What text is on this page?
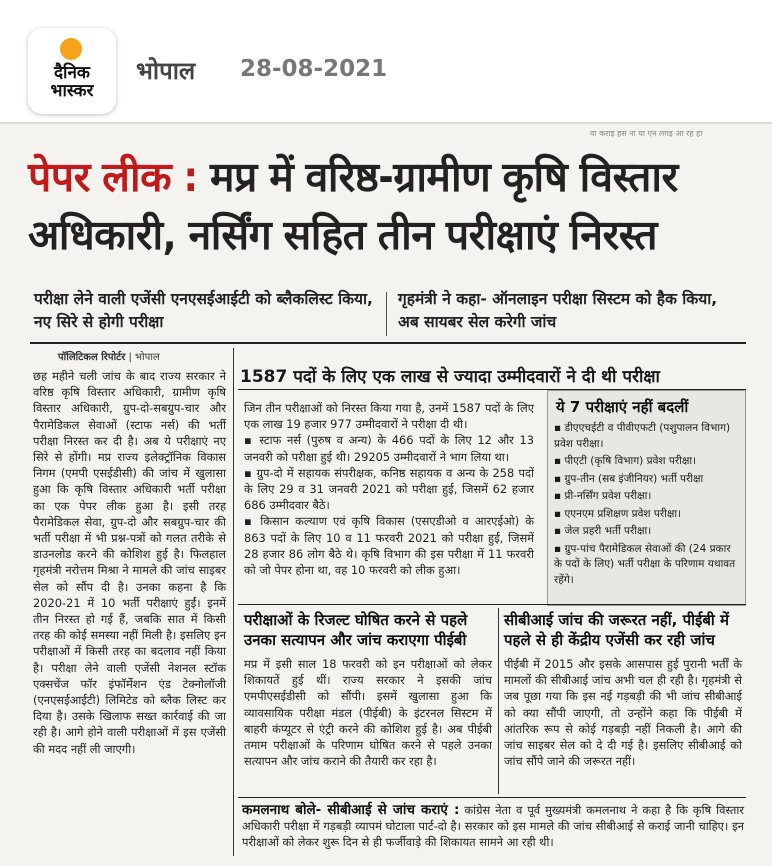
दैनिक
भास्कर
भोपाल 28-08-2021
वा कराइ हस ना या एन लगइ आ रह हा
पेपर लीक : मप्र में वरिष्ठ-ग्रामीण कृषि विस्तार अधिकारी, नर्सिंग सहित तीन परीक्षाएं निरस्त
परीक्षा लेने वाली एजेंसी एनएसईआईटी को ब्लैकलिस्ट किया, नए सिरे से होगी परीक्षा
गृहमंत्री ने कहा- ऑनलाइन परीक्षा सिस्टम को हैक किया, अब सायबर सेल करेगी जांच
पॉलिटिकल रिपोर्टर | भोपाल
छह महीने चली जांच के बाद राज्य सरकार ने वरिष्ठ कृषि विस्तार अधिकारी, ग्रामीण कृषि विस्तार अधिकारी, ग्रुप-दो-सबग्रुप-चार और पैरामेडिकल सेवाओं (स्टाफ नर्स) की भर्ती परीक्षा निरस्त कर दी है। अब ये परीक्षाएं नए सिरे से होंगी। मप्र राज्य इलेक्ट्रॉनिक विकास निगम (एमपी एसईडीसी) की जांच में खुलासा हुआ कि कृषि विस्तार अधिकारी भर्ती परीक्षा का एक पेपर लीक हुआ है। इसी तरह पैरामेडिकल सेवा, ग्रुप-दो और सबग्रुप-चार की भर्ती परीक्षा में भी प्रश्न-पत्रों को गलत तरीके से डाउनलोड करने की कोशिश हुई है। फिलहाल गृहमंत्री नरोत्तम मिश्रा ने मामले की जांच साइबर सेल को सौंप दी है। उनका कहना है कि 2020-21 में 10 भर्ती परीक्षाएं हुईं। इनमें तीन निरस्त हो गई हैं, जबकि सात में किसी तरह की कोई समस्या नहीं मिली है। इसलिए इन परीक्षाओं में किसी तरह का बदलाव नहीं किया है। परीक्षा लेने वाली एजेंसी नेशनल स्टॉक एक्सचेंज फॉर इंफॉर्मेशन एंड टेक्नोलॉजी (एनएसईआईटी) लिमिटेड को ब्लैक लिस्ट कर दिया है। उसके खिलाफ सख्त कार्रवाई की जा रही है। आगे होने वाली परीक्षाओं में इस एजेंसी की मदद नहीं ली जाएगी।
1587 पदों के लिए एक लाख से ज्यादा उम्मीदवारों ने दी थी परीक्षा
जिन तीन परीक्षाओं को निरस्त किया गया है, उनमें 1587 पदों के लिए एक लाख 19 हजार 977 उम्मीदवारों ने परीक्षा दी थी।
▪ स्टाफ नर्स (पुरुष व अन्य) के 466 पदों के लिए 12 और 13 जनवरी को परीक्षा हुई थी। 29205 उम्मीदवारों ने भाग लिया था।
▪ ग्रुप-दो में सहायक संपरीक्षक, कनिष्ठ सहायक व अन्य के 258 पदों के लिए 29 व 31 जनवरी 2021 को परीक्षा हुई, जिसमें 62 हजार 686 उम्मीदवार बैठे।
▪ किसान कल्याण एवं कृषि विकास (एसएडीओ व आरएईओ) के 863 पदों के लिए 10 व 11 फरवरी 2021 को परीक्षा हुई, जिसमें 28 हजार 86 लोग बैठे थे। कृषि विभाग की इस परीक्षा में 11 फरवरी को जो पेपर होना था, वह 10 फरवरी को लीक हुआ।
ये 7 परीक्षाएं नहीं बदलीं
▪ डीएएचईटी व पीवीएफटी (पशुपालन विभाग) प्रवेश परीक्षा।
▪ पीएटी (कृषि विभाग) प्रवेश परीक्षा।
▪ ग्रुप-तीन (सब इंजीनियर) भर्ती परीक्षा
▪ प्री-नर्सिंग प्रवेश परीक्षा।
▪ एएनएम प्रशिक्षण प्रवेश परीक्षा।
▪ जेल प्रहरी भर्ती परीक्षा।
▪ ग्रुप-पांच पैरामेडिकल सेवाओं की (24 प्रकार के पदों के लिए) भर्ती परीक्षा के परिणाम यथावत रहेंगे।
परीक्षाओं के रिजल्ट घोषित करने से पहले उनका सत्यापन और जांच कराएगा पीईबी
मप्र में इसी साल 18 फरवरी को इन परीक्षाओं को लेकर शिकायतें हुई थीं। राज्य सरकार ने इसकी जांच एमपीएसईडीसी को सौंपी। इसमें खुलासा हुआ कि व्यावसायिक परीक्षा मंडल (पीईबी) के इंटरनल सिस्टम में बाहरी कंप्यूटर से एंट्री करने की कोशिश हुई है। अब पीईबी तमाम परीक्षाओं के परिणाम घोषित करने से पहले उनका सत्यापन और जांच कराने की तैयारी कर रहा है।
सीबीआई जांच की जरूरत नहीं, पीईबी में पहले से ही केंद्रीय एजेंसी कर रही जांच
पीईबी में 2015 और इसके आसपास हुई पुरानी भर्तीं के मामलों की सीबीआई जांच अभी चल ही रही है। गृहमंत्री से जब पूछा गया कि इस नई गड़बड़ी की भी जांच सीबीआई को क्या सौंपी जाएगी, तो उन्होंने कहा कि पीईबी में आंतरिक रूप से कोई गड़बड़ी नहीं निकली है। आगे की जांच साइबर सेल को दे दी गई है। इसलिए सीबीआई को जांच सौंपे जाने की जरूरत नहीं।
कमलनाथ बोले- सीबीआई से जांच कराएं : कांग्रेस नेता व पूर्व मुख्यमंत्री कमलनाथ ने कहा है कि कृषि विस्तार अधिकारी परीक्षा में गड़बड़ी व्यापमं घोटाला पार्ट-दो है। सरकार को इस मामले की जांच सीबीआई से कराई जानी चाहिए। इन परीक्षाओं को लेकर शुरू दिन से ही फर्जीवाड़े की शिकायत सामने आ रही थी।
